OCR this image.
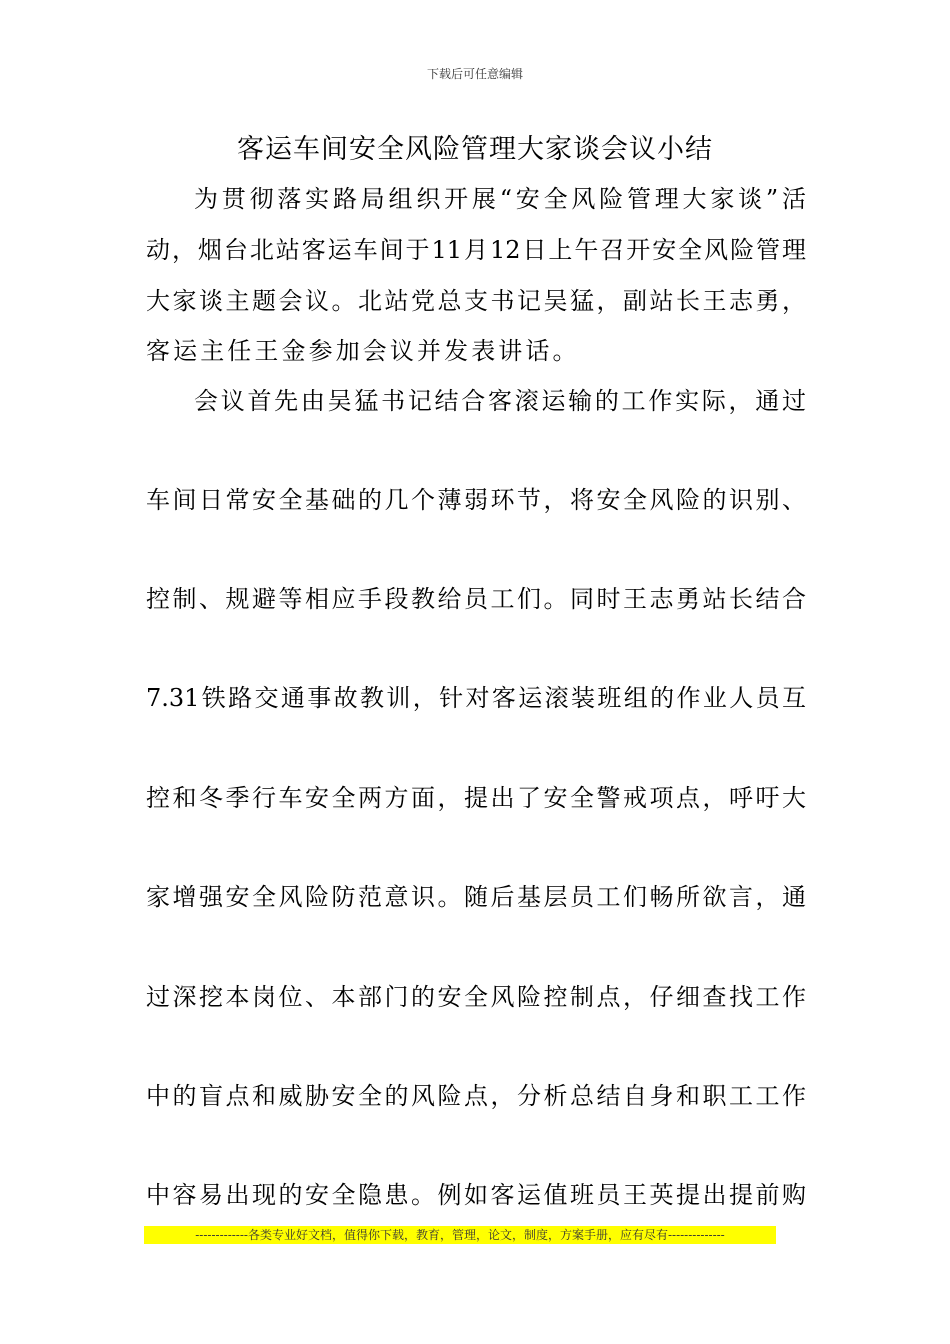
下载后可任意编辑
客运车间安全风险管理大家谈会议小结
为贯彻落实路局组织开展“安全风险管理大家谈”活
动，烟台北站客运车间于11月12日上午召开安全风险管理
大家谈主题会议。北站党总支书记吴猛，副站长王志勇，
客运主任王金参加会议并发表讲话。
会议首先由吴猛书记结合客滚运输的工作实际，通过
车间日常安全基础的几个薄弱环节，将安全风险的识别、
控制、规避等相应手段教给员工们。同时王志勇站长结合
7.31铁路交通事故教训，针对客运滚装班组的作业人员互
控和冬季行车安全两方面，提出了安全警戒项点，呼吁大
家增强安全风险防范意识。随后基层员工们畅所欲言，通
过深挖本岗位、本部门的安全风险控制点，仔细查找工作
中的盲点和威胁安全的风险点，分析总结自身和职工工作
中容易出现的安全隐患。例如客运值班员王英提出提前购
-------------各类专业好文档，值得你下载，教育，管理，论文，制度，方案手册，应有尽有--------------
